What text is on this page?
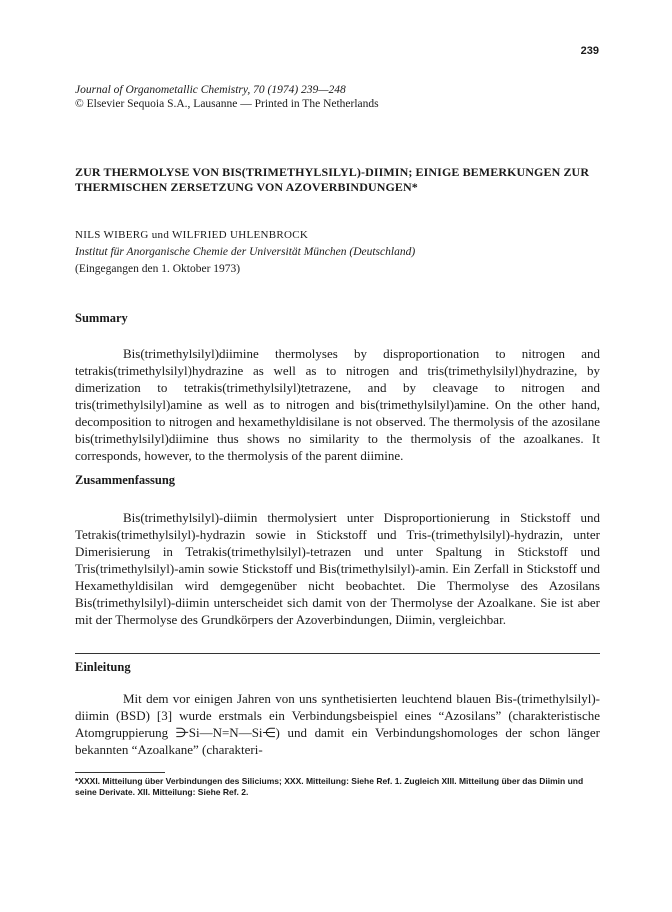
239
Journal of Organometallic Chemistry, 70 (1974) 239—248
© Elsevier Sequoia S.A., Lausanne — Printed in The Netherlands
ZUR THERMOLYSE VON BIS(TRIMETHYLSILYL)-DIIMIN; EINIGE BEMERKUNGEN ZUR THERMISCHEN ZERSETZUNG VON AZOVERBINDUNGEN*
NILS WIBERG und WILFRIED UHLENBROCK
Institut für Anorganische Chemie der Universität München (Deutschland)
(Eingegangen den 1. Oktober 1973)
Summary
Bis(trimethylsilyl)diimine thermolyses by disproportionation to nitrogen and tetrakis(trimethylsilyl)hydrazine as well as to nitrogen and tris(trimethylsilyl)hydrazine, by dimerization to tetrakis(trimethylsilyl)tetrazene, and by cleavage to nitrogen and tris(trimethylsilyl)amine as well as to nitrogen and bis(trimethylsilyl)amine. On the other hand, decomposition to nitrogen and hexamethyldisilane is not observed. The thermolysis of the azosilane bis(trimethylsilyl)diimine thus shows no similarity to the thermolysis of the azoalkanes. It corresponds, however, to the thermolysis of the parent diimine.
Zusammenfassung
Bis(trimethylsilyl)-diimin thermolysiert unter Disproportionierung in Stickstoff und Tetrakis(trimethylsilyl)-hydrazin sowie in Stickstoff und Tris-(trimethylsilyl)-hydrazin, unter Dimerisierung in Tetrakis(trimethylsilyl)-tetrazen und unter Spaltung in Stickstoff und Tris(trimethylsilyl)-amin sowie Stickstoff und Bis(trimethylsilyl)-amin. Ein Zerfall in Stickstoff und Hexamethyldisilan wird demgegenüber nicht beobachtet. Die Thermolyse des Azosilans Bis(trimethylsilyl)-diimin unterscheidet sich damit von der Thermolyse der Azoalkane. Sie ist aber mit der Thermolyse des Grundkörpers der Azoverbindungen, Diimin, vergleichbar.
Einleitung
Mit dem vor einigen Jahren von uns synthetisierten leuchtend blauen Bis-(trimethylsilyl)-diimin (BSD) [3] wurde erstmals ein Verbindungsbeispiel eines “Azosilans” (charakteristische Atomgruppierung ⋺Si—N=N—Si⋲) und damit ein Verbindungshomologes der schon länger bekannten “Azoalkane” (charakteri-
*XXXI. Mitteilung über Verbindungen des Siliciums; XXX. Mitteilung: Siehe Ref. 1. Zugleich XIII. Mitteilung über das Diimin und seine Derivate. XII. Mitteilung: Siehe Ref. 2.
